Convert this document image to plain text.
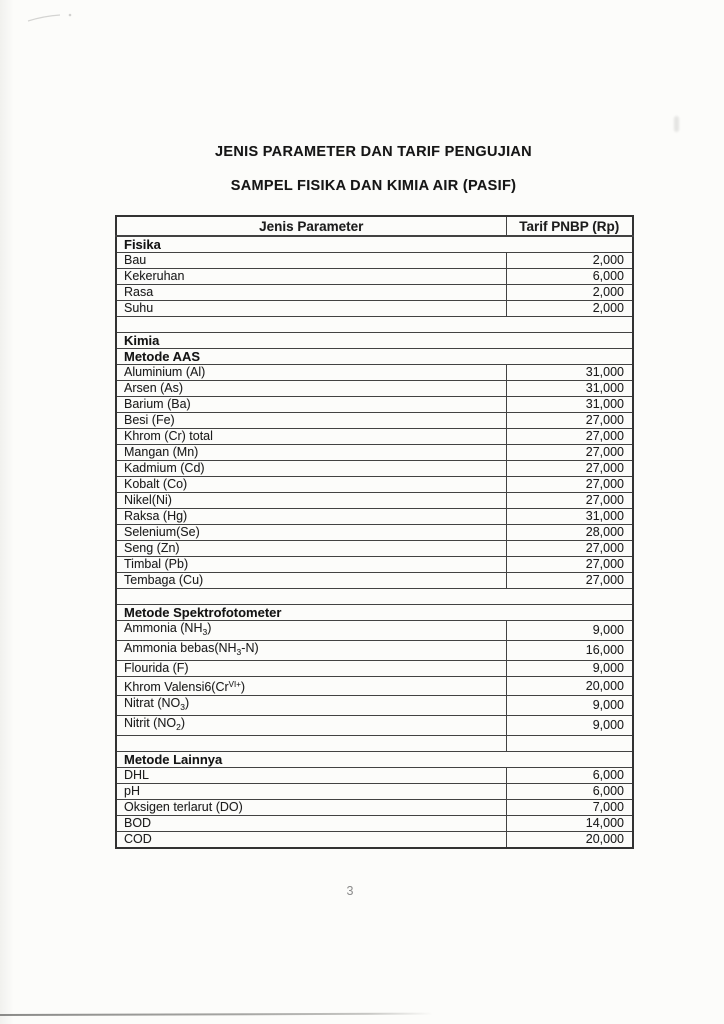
JENIS PARAMETER DAN TARIF PENGUJIAN
SAMPEL FISIKA DAN KIMIA AIR (PASIF)
Jenis Parameter	Tarif PNBP (Rp)
Fisika	
Bau	2,000
Kekeruhan	6,000
Rasa	2,000
Suhu	2,000

Kimia	
Metode AAS	
Aluminium (Al)	31,000
Arsen (As)	31,000
Barium (Ba)	31,000
Besi (Fe)	27,000
Khrom (Cr) total	27,000
Mangan (Mn)	27,000
Kadmium (Cd)	27,000
Kobalt (Co)	27,000
Nikel(Ni)	27,000
Raksa (Hg)	31,000
Selenium(Se)	28,000
Seng (Zn)	27,000
Timbal (Pb)	27,000
Tembaga (Cu)	27,000

Metode Spektrofotometer	
Ammonia $(NH_3)$	9,000
Ammonia $bebas(NH_3-N)$	16,000
Flourida (F)	9,000
Khrom $Valensi6(Cr^{VI+})$	20,000
Nitrat $(NO_3)$	9,000
Nitrit $(NO_2)$	9,000

Metode Lainnya	
DHL	6,000
pH	6,000
Oksigen terlarut (DO)	7,000
BOD	14,000
COD	20,000
3
